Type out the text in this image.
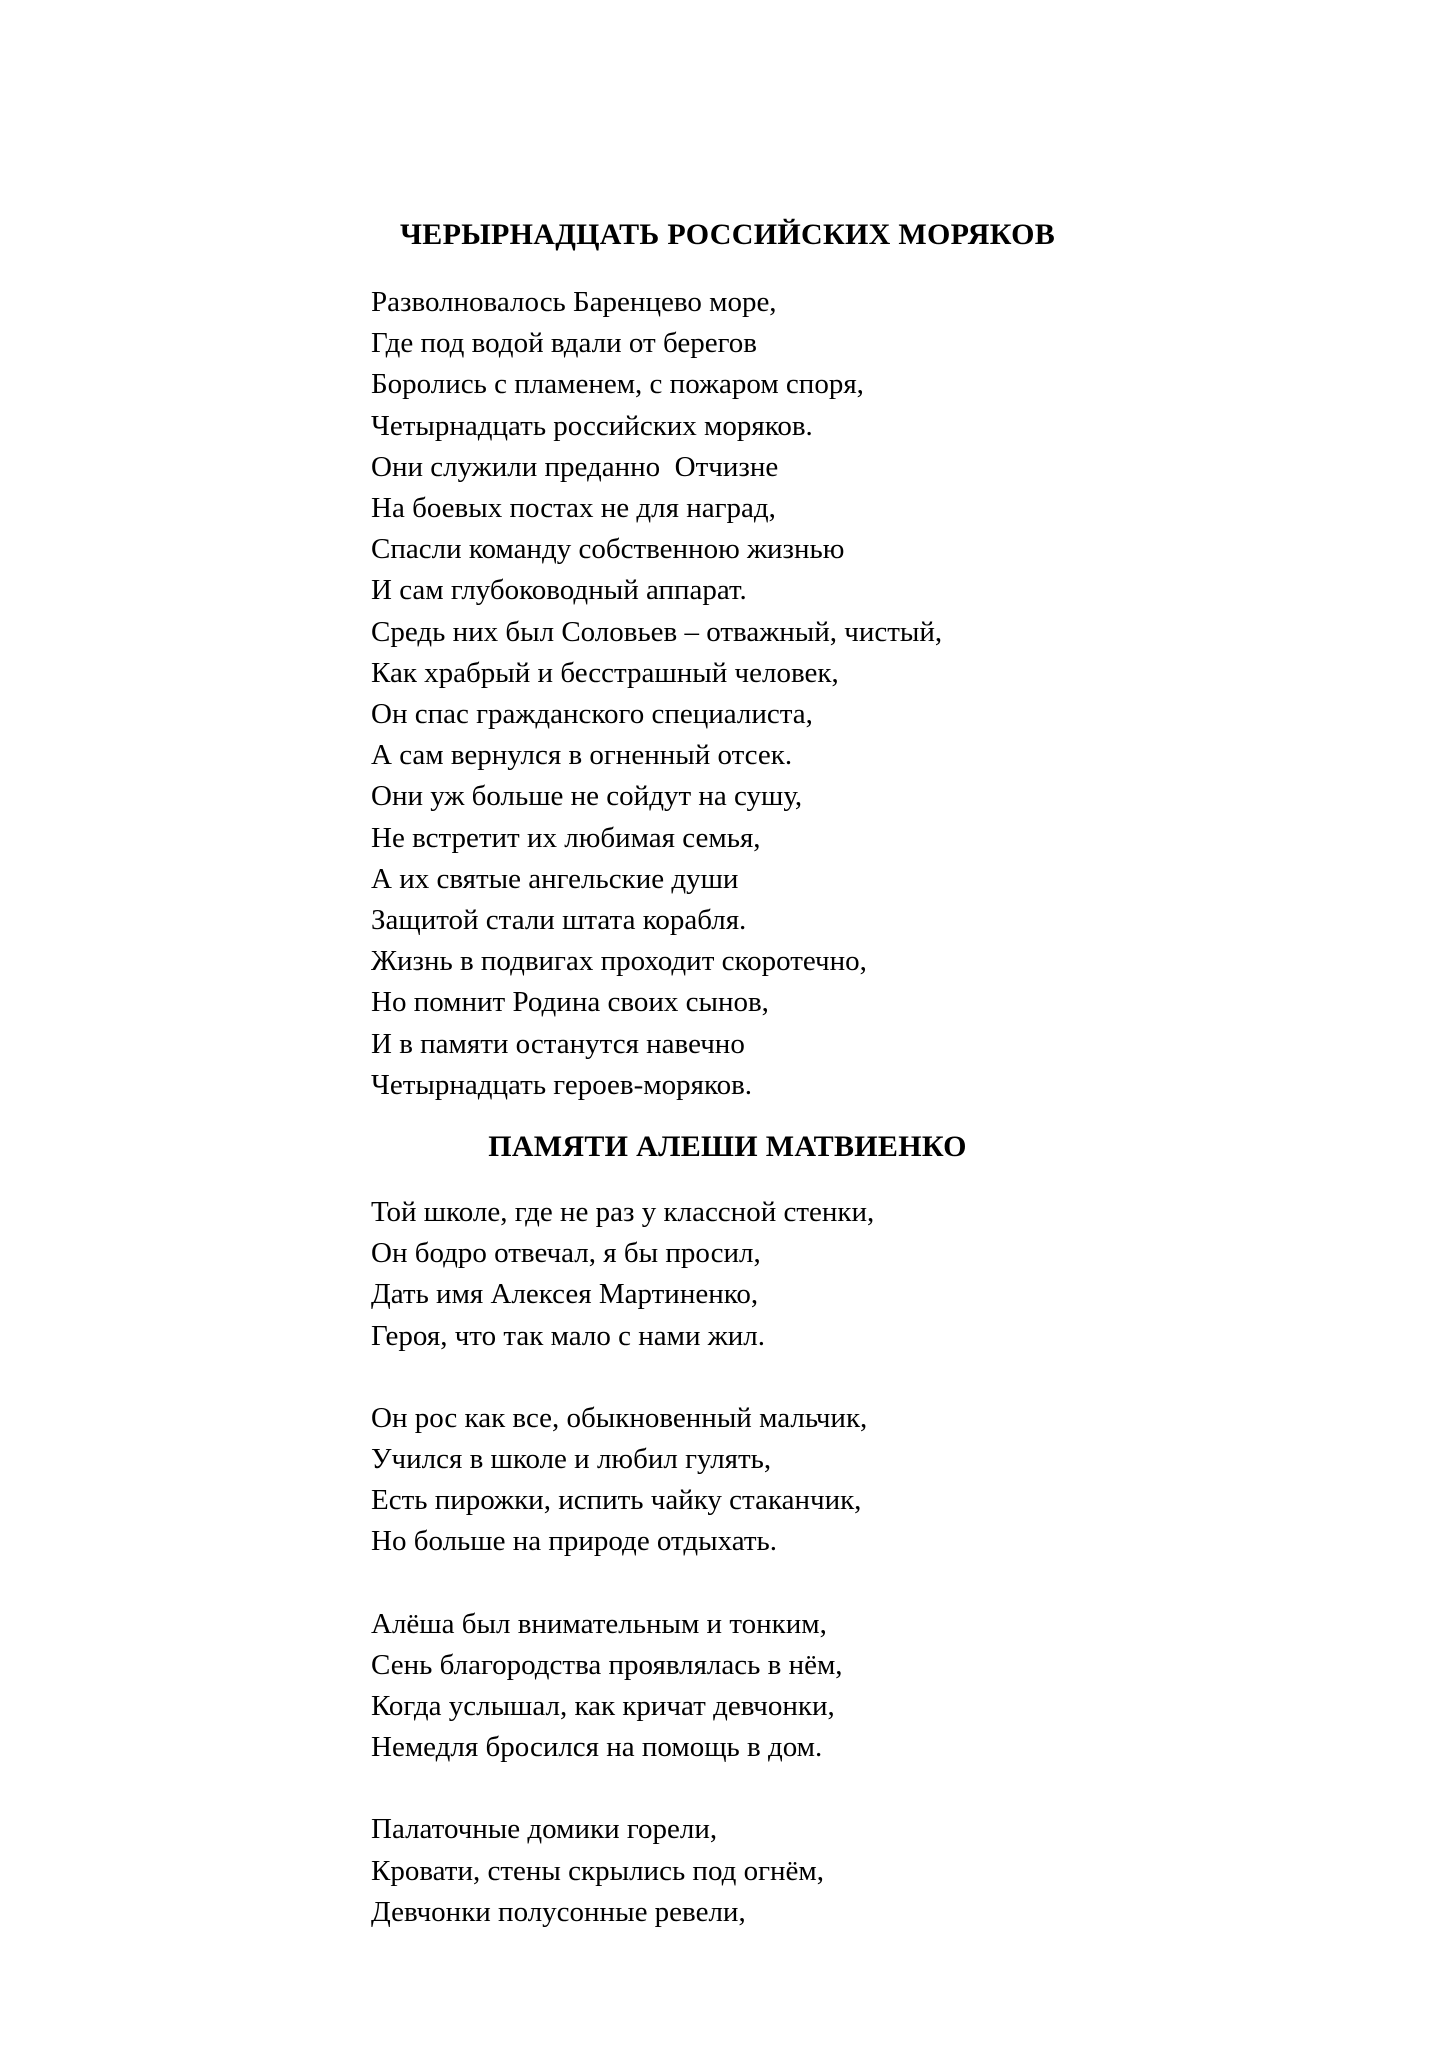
ЧЕРЫРНАДЦАТЬ РОССИЙСКИХ МОРЯКОВ
Разволновалось Баренцево море,
Где под водой вдали от берегов
Боролись с пламенем, с пожаром споря,
Четырнадцать российских моряков.
Они служили преданно  Отчизне
На боевых постах не для наград,
Спасли команду собственною жизнью
И сам глубоководный аппарат.
Средь них был Соловьев – отважный, чистый,
Как храбрый и бесстрашный человек,
Он спас гражданского специалиста,
А сам вернулся в огненный отсек.
Они уж больше не сойдут на сушу,
Не встретит их любимая семья,
А их святые ангельские души
Защитой стали штата корабля.
Жизнь в подвигах проходит скоротечно,
Но помнит Родина своих сынов,
И в памяти останутся навечно
Четырнадцать героев-моряков.
ПАМЯТИ АЛЕШИ МАТВИЕНКО
Той школе, где не раз у классной стенки,
Он бодро отвечал, я бы просил,
Дать имя Алексея Мартиненко,
Героя, что так мало с нами жил.
Он рос как все, обыкновенный мальчик,
Учился в школе и любил гулять,
Есть пирожки, испить чайку стаканчик,
Но больше на природе отдыхать.
Алёша был внимательным и тонким,
Сень благородства проявлялась в нём,
Когда услышал, как кричат девчонки,
Немедля бросился на помощь в дом.
Палаточные домики горели,
Кровати, стены скрылись под огнём,
Девчонки полусонные ревели,
